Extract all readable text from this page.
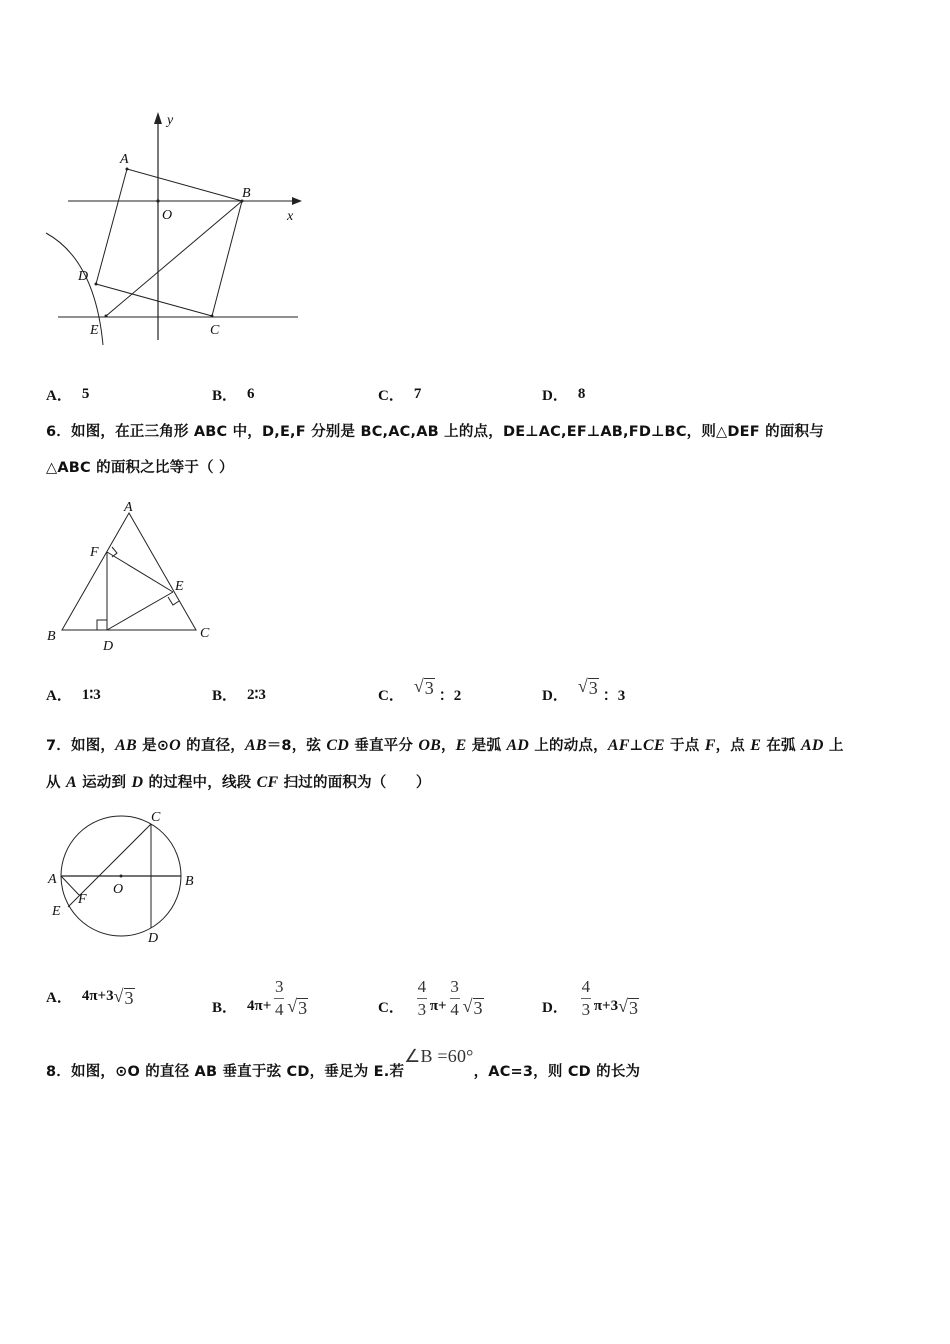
y
x
O
A
B
C
D
E
A． 5	B． 6	C． 7	D． 8
6．如图，在正三角形 ABC 中，D,E,F 分别是 BC,AC,AB 上的点，DE⊥AC,EF⊥AB,FD⊥BC，则△DEF 的面积与
△ABC 的面积之比等于（ ）
A
B	C
D
E
F
A． 1∶3	B． 2∶3	C． √ 3 ：2	D． √ 3 ：3
7．如图，AB 是⊙O 的直径，AB＝8，弦 CD 垂直平分 OB，E 是弧 AD 上的动点，AF⊥CE 于点 F，点 E 在弧 AD 上
从 A 运动到 D 的过程中，线段 CF 扫过的面积为（　　）
C
A	B
O
F
E
D
A． 4π+3 √ 3	B． $4\pi+ \frac{3}{4}$ √ 3	C． $\frac{4}{3} \pi+ \frac{3}{4}$ √ 3	D． $\frac{4}{3} \pi+3$ √ 3
8．如图，⊙O 的直径 AB 垂直于弦 CD，垂足为 E.若∠B =60°，AC=3，则 CD 的长为
